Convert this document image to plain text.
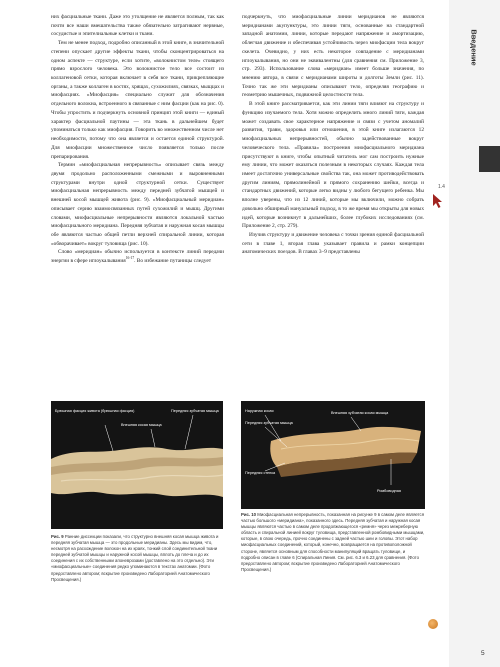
них фасциальные ткани. Даже это утолщение не является полным, так как почти все наши вмешательства также обязательно затрагивают нервные, сосудистые и эпителиальные клетки и ткани.

Тем не менее подход, подробно описанный в этой книге, в значительной степени опускает другие эффекты ткани, чтобы сконцентрироваться на одном аспекте — структуре, если хотите, «волокнистом теле» стоящего прямо взрослого человека. Это волокнистое тело все состоит из коллагеновой сетки, которая включает в себя все ткани, прикрепляющие органы, а также коллаген в костях, хрящах, сухожилиях, связках, мыщцах и миофасциях. «Миофасция» специально служит для обозначения отдельного волокна, встроенного в связанные с ним фасции (как на рис. 0). Чтобы упростить и подчеркнуть основной принцип этой книги — единый характер фасциальной паутины — эта ткань в дальнейшем будет упоминаться только как миофасция. Говорить во множественном числе нет необходимости, потому что она является и остается единой структурой. Для миофасции множественное число появляется только после препарирования.

Термин «миофасциальная непрерывность» описывает связь между двумя продольно расположенными смежными и выровненными структурами внутри одной структурной сетки. Существует миофасциальная непрерывность между передней зубчатой мышцей и внешней косой мышцей живота (рис. 9). «Миофасциальный меридиан» описывает серию взаимосвязанных путей сухожилий и мышц. Другими словами, миофасциальные непрерывности являются локальной частью миофасциального меридиана. Передняя зубчатая и наружная косая мышцы обе являются частью общей петли верхней спиральной линии, которая «обворачивает» вокруг туловища (рис. 10).

Слово «меридиан» обычно используется в контексте линий передачи энергии в сфере иглоукалывания$^{16-17}$. Во избежание путаницы следует

подчеркнуть, что миофасциальные линии меридианов не являются меридианами акупунктуры, это линии тяги, основанные на стандартной западной анатомии, линии, которые передают напряжение и амортизацию, облегчая движение и обеспечивая устойчивость через миофасции тела вокруг скелета. Очевидно, у них есть некоторое совпадение с меридианами иглоукалывания, но они не эквивалентны (для сравнения см. Приложение 3, стр. 293). Использование слова «меридиан» имеет больше значения, по мнению автора, в связи с меридианами широты и долготы Земли (рис. 11). Точно так же эти меридианы описывают тело, определяя географию и геометрию мышечных, подвижной целостности тела.

В этой книге рассматривается, как эти линии тяги влияют на структуру и функцию изучаемого тела. Хотя можно определить много линий тяги, каждая может создавать свое характерное напряжение и связи с учетом аномалий развития, травм, здоровья или отношения, в этой книге излагаются 12 миофасциальных непрерывностей, обычно задействованные вокруг человеческого тела. «Правила» построения миофасциального меридиана присутствуют в книге, чтобы опытный читатель мог сам построить нужные ему линии, что может оказаться полезным в некоторых случаях. Каждая тела имеет достаточно универсальные свойства так, она может противодействовать другим линиям, прямолинейной и прямого сохранению шейки, всегда и стандартных движений, которые легко видны у любого бегущего ребенка. Мы вполне уверены, что из 12 линий, которые мы включили, можно собрать довольно обширный мануальный подход, в то же время мы открыты для новых идей, которые возникнут в дальнейших, более глубоких исследованиях (см. Приложение 2, стр. 279).

Изучив структуру и движение человека с точки зрения единой фасциальной сети в главе 1, вторая глава указывает правила и рамки концепции анатомических поездов. В главах 3–9 представлены

Введение
1.4
Брюшная фасция живота (брюшная фасция)
Внешняя косая мышца
Передняя зубчатая мышца
Рис. 9 Ранние диссекции показали, что структурно внешняя косая мышца живота и передняя зубчатая мышца — это продольные меридианы. Здесь мы видим, что, несмотря на расхождение волокон на их краях, тонкий слой соединительной ткани передней зубчатой мышцы и наружной косой мышцы, вплоть до плеча и до их соединения с их собственными апоневрозами (доставлено на это отдельно). Эти «миофасциальные» соединения редко упоминаются в текстах анатомии. (Фото предоставлено автором; вскрытие произведено Лабораторией Анатомического Просвещения.)
Наружная косая
Передняя зубчатая мышца
Внешняя зубчатая косая мышца
Передняя стенка
Ромбовидная
Рис. 10 Миофасциальная непрерывность, показанная на рисунке 9 в самом деле является частью большого «меридиана», показанного здесь. Передняя зубчатая и наружная косая мышцы являются частью в самом деле продолжающегося «ремня» через межреберную область и спиральной линией вокруг туловища, представленной ромбовидными мышцами, которые, в свою очередь, прочно соединены с задней частью шеи и головы. Этот набор миофасциальных соединений, который, конечно, возвращается на противоположной стороне, является основным для способности манипуляций вращать туловище, и подробно описан в главе 6 (Спиральная Линия. См. рис. 6.3 и 6.23 для сравнения. (Фото предоставлено автором; вскрытие произведено Лабораторией Анатомического Просвещения.)
5
